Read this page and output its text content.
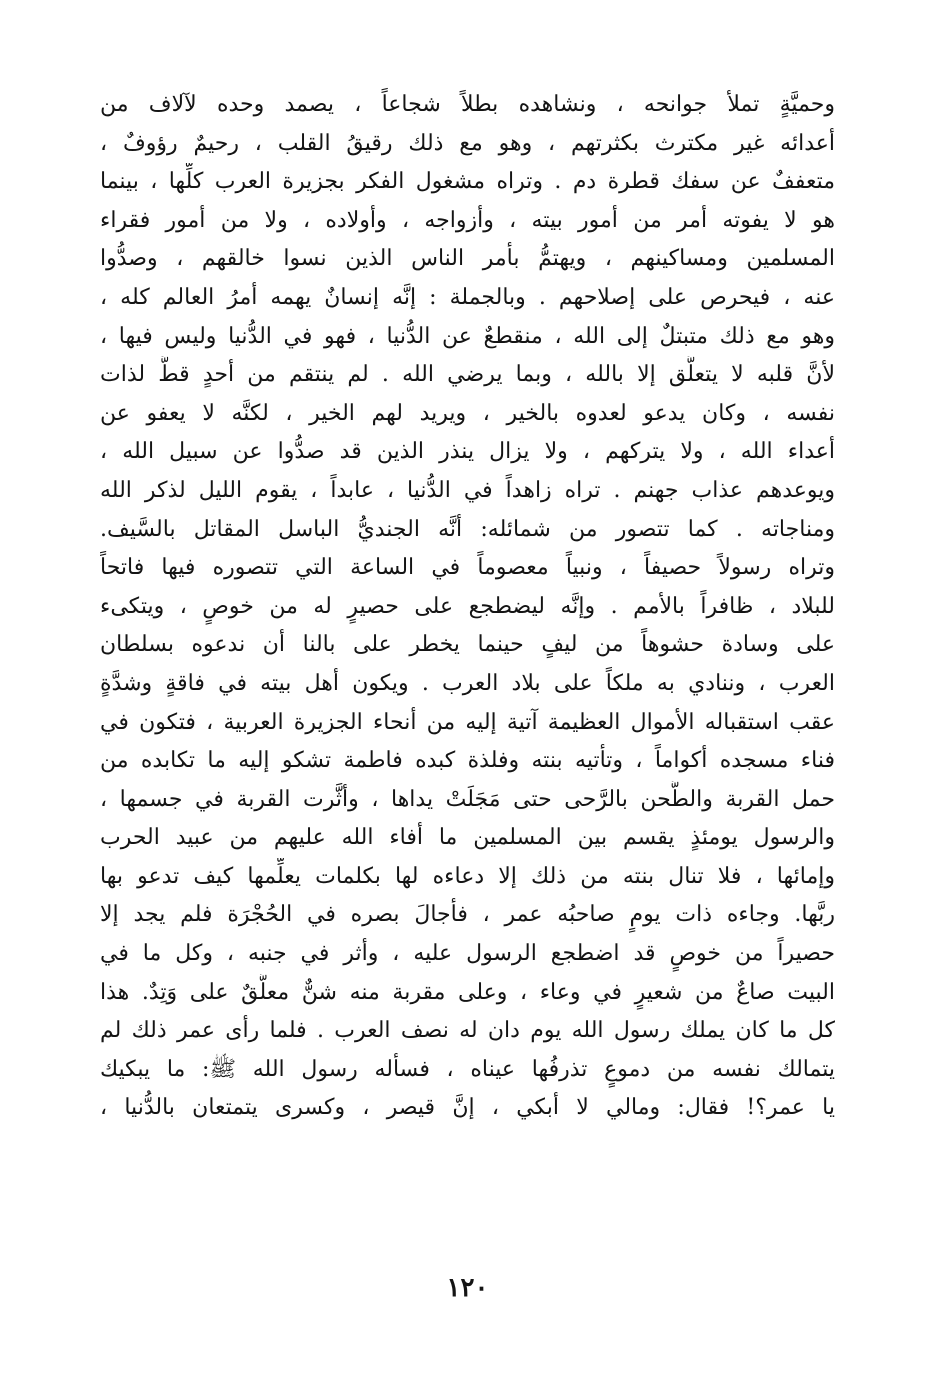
وحميَّةٍ تملأ جوانحه ، ونشاهده بطلاً شجاعاً ، يصمد وحده لآلاف من
أعدائه غير مكترث بكثرتهم ، وهو مع ذلك رقيقُ القلب ، رحيمٌ رؤوفٌ ،
متعففٌ عن سفك قطرة دم . وتراه مشغول الفكر بجزيرة العرب كلِّها ، بينما
هو لا يفوته أمر من أمور بيته ، وأزواجه ، وأولاده ، ولا من أمور فقراء
المسلمين ومساكينهم ، ويهتمُّ بأمر الناس الذين نسوا خالقهم ، وصدُّوا
عنه ، فيحرص على إصلاحهم . وبالجملة : إنَّه إنسانٌ يهمه أمرُ العالم كله ،
وهو مع ذلك متبتلٌ إلى الله ، منقطعٌ عن الدُّنيا ، فهو في الدُّنيا وليس فيها ،
لأنَّ قلبه لا يتعلَّق إلا بالله ، وبما يرضي الله . لم ينتقم من أحدٍ قطُّ لذات
نفسه ، وكان يدعو لعدوه بالخير ، ويريد لهم الخير ، لكنَّه لا يعفو عن
أعداء الله ، ولا يتركهم ، ولا يزال ينذر الذين قد صدُّوا عن سبيل الله ،
ويوعدهم عذاب جهنم . تراه زاهداً في الدُّنيا ، عابداً ، يقوم الليل لذكر الله
ومناجاته . كما تتصور من شمائله: أنَّه الجنديُّ الباسل المقاتل بالسَّيف.
وتراه رسولاً حصيفاً ، ونبياً معصوماً في الساعة التي تتصوره فيها فاتحاً
للبلاد ، ظافراً بالأمم . وإنَّه ليضطجع على حصيرٍ له من خوصٍ ، ويتكىء
على وسادة حشوهاً من ليفٍ حينما يخطر على بالنا أن ندعوه بسلطان
العرب ، وننادي به ملكاً على بلاد العرب . ويكون أهل بيته في فاقةٍ وشدَّةٍ
عقب استقباله الأموال العظيمة آتية إليه من أنحاء الجزيرة العربية ، فتكون في
فناء مسجده أكواماً ، وتأتيه بنته وفلذة كبده فاطمة تشكو إليه ما تكابده من
حمل القربة والطَّحن بالرَّحى حتى مَجَلَتْ يداها ، وأثَّرت القربة في جسمها ،
والرسول يومئذٍ يقسم بين المسلمين ما أفاء الله عليهم من عبيد الحرب
وإمائها ، فلا تنال بنته من ذلك إلا دعاءه لها بكلمات يعلِّمها كيف تدعو بها
ربَّها. وجاءه ذات يومٍ صاحبُه عمر ، فأجالَ بصره في الحُجْرَة فلم يجد إلا
حصيراً من خوصٍ قد اضطجع الرسول عليه ، وأثر في جنبه ، وكل ما في
البيت صاعٌ من شعيرٍ في وعاء ، وعلى مقربة منه شنٌّ معلَّقٌ على وَتِدٌ. هذا
كل ما كان يملك رسول الله يوم دان له نصف العرب . فلما رأى عمر ذلك لم
يتمالك نفسه من دموعٍ تذرفُها عيناه ، فسأله رسول الله ﷺ: ما يبكيك
يا عمر؟! فقال: ومالي لا أبكي ، إنَّ قيصر ، وكسرى يتمتعان بالدُّنيا ،
١٢٠
